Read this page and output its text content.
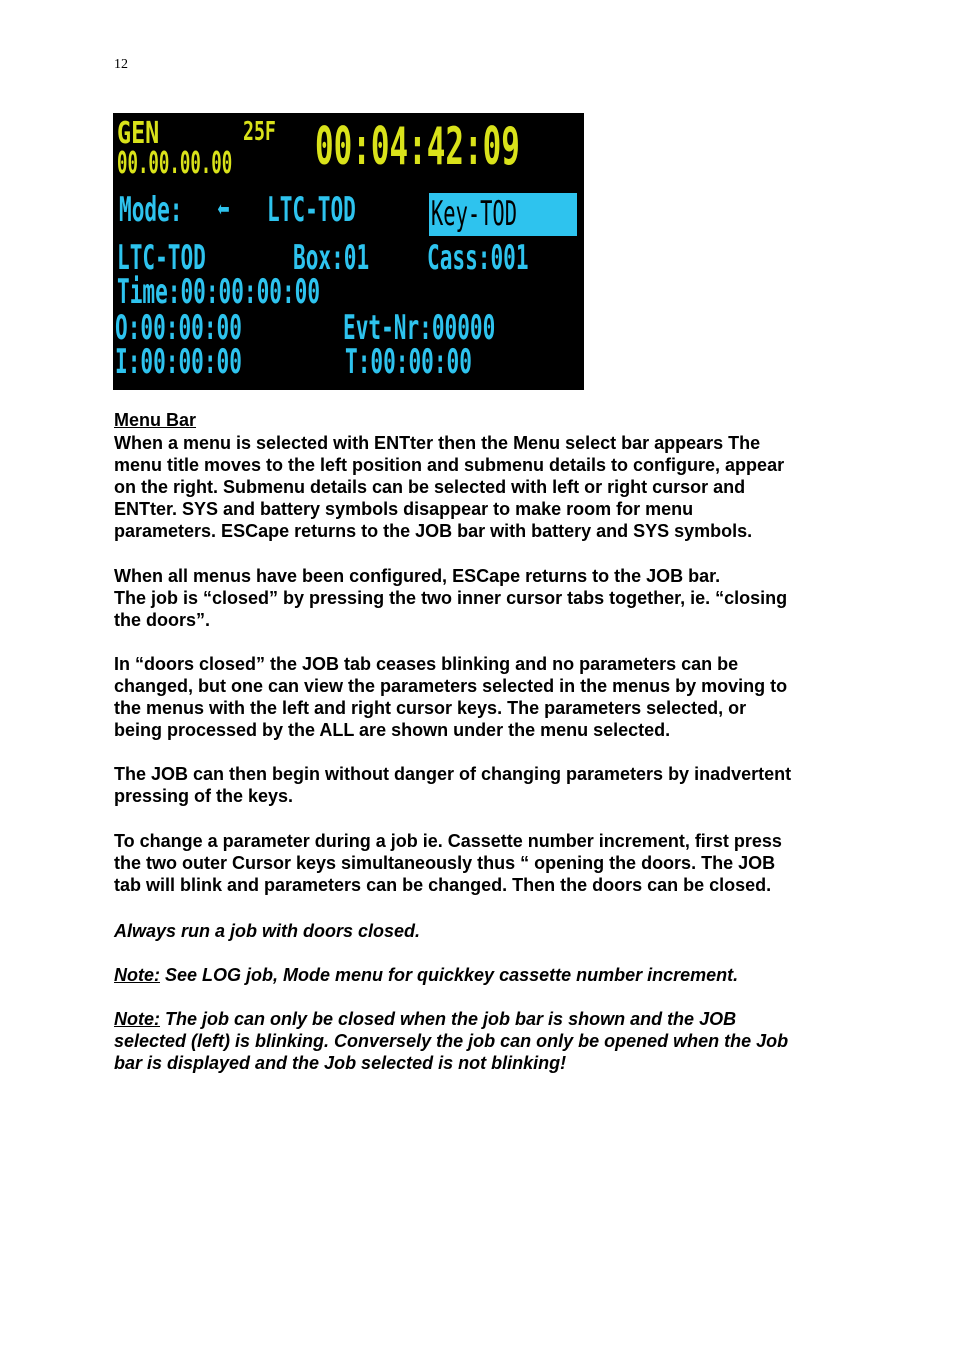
12
GEN	25F
00.00.00.00 00:04:42:09
Mode: ⬅ LTC-TOD Key-TOD
LTC-TOD	Box:01 Cass:001
Time:00:00:00:00
O:00:00:00	Evt-Nr:00000
I:00:00:00	T:00:00:00

Menu Bar

When a menu is selected with ENTter then the Menu select bar appears The

menu title moves to the left position and submenu details to configure, appear

on the right. Submenu details can be selected with left or right cursor and

ENTter. SYS and battery symbols disappear to make room for menu

parameters. ESCape returns to the JOB bar with battery and SYS symbols.

When all menus have been configured, ESCape returns to the JOB bar.

The job is “closed” by pressing the two inner cursor tabs together, ie. “closing

the doors”.

In “doors closed” the JOB tab ceases blinking and no parameters can be

changed, but one can view the parameters selected in the menus by moving to

the menus with the left and right cursor keys. The parameters selected, or

being processed by the ALL are shown under the menu selected.

The JOB can then begin without danger of changing parameters by inadvertent

pressing of the keys.

To change a parameter during a job ie. Cassette number increment, first press

the two outer Cursor keys simultaneously thus “ opening the doors. The JOB

tab will blink and parameters can be changed. Then the doors can be closed.

Always run a job with doors closed.

Note: See LOG job, Mode menu for quickkey cassette number increment.

Note: The job can only be closed when the job bar is shown and the JOB

selected (left) is blinking. Conversely the job can only be opened when the Job

bar is displayed and the Job selected is not blinking!
